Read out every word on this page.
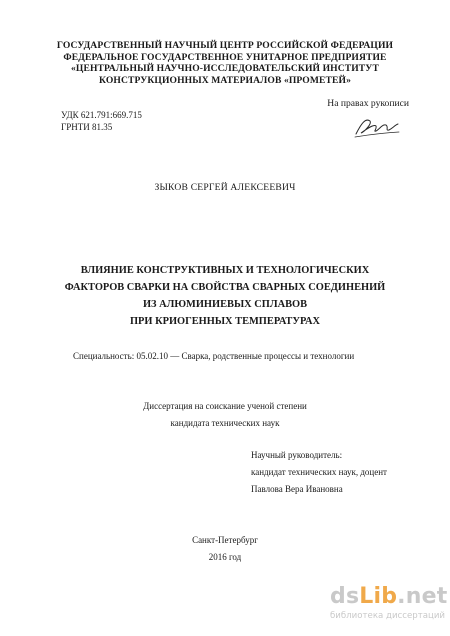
ГОСУДАРСТВЕННЫЙ НАУЧНЫЙ ЦЕНТР РОССИЙСКОЙ ФЕДЕРАЦИИ
ФЕДЕРАЛЬНОЕ ГОСУДАРСТВЕННОЕ УНИТАРНОЕ ПРЕДПРИЯТИЕ
«ЦЕНТРАЛЬНЫЙ НАУЧНО-ИССЛЕДОВАТЕЛЬСКИЙ ИНСТИТУТ
КОНСТРУКЦИОННЫХ МАТЕРИАЛОВ «ПРОМЕТЕЙ»
На правах рукописи
УДК 621.791:669.715
ГРНТИ 81.35
ЗЫКОВ СЕРГЕЙ АЛЕКСЕЕВИЧ
ВЛИЯНИЕ КОНСТРУКТИВНЫХ И ТЕХНОЛОГИЧЕСКИХ
ФАКТОРОВ СВАРКИ НА СВОЙСТВА СВАРНЫХ СОЕДИНЕНИЙ
ИЗ АЛЮМИНИЕВЫХ СПЛАВОВ
ПРИ КРИОГЕННЫХ ТЕМПЕРАТУРАХ
Специальность: 05.02.10 — Сварка, родственные процессы и технологии
Диссертация на соискание ученой степени
кандидата технических наук
Научный руководитель:
кандидат технических наук, доцент
Павлова Вера Ивановна
Санкт-Петербург
2016 год
dsLib.net
библиотека диссертаций
